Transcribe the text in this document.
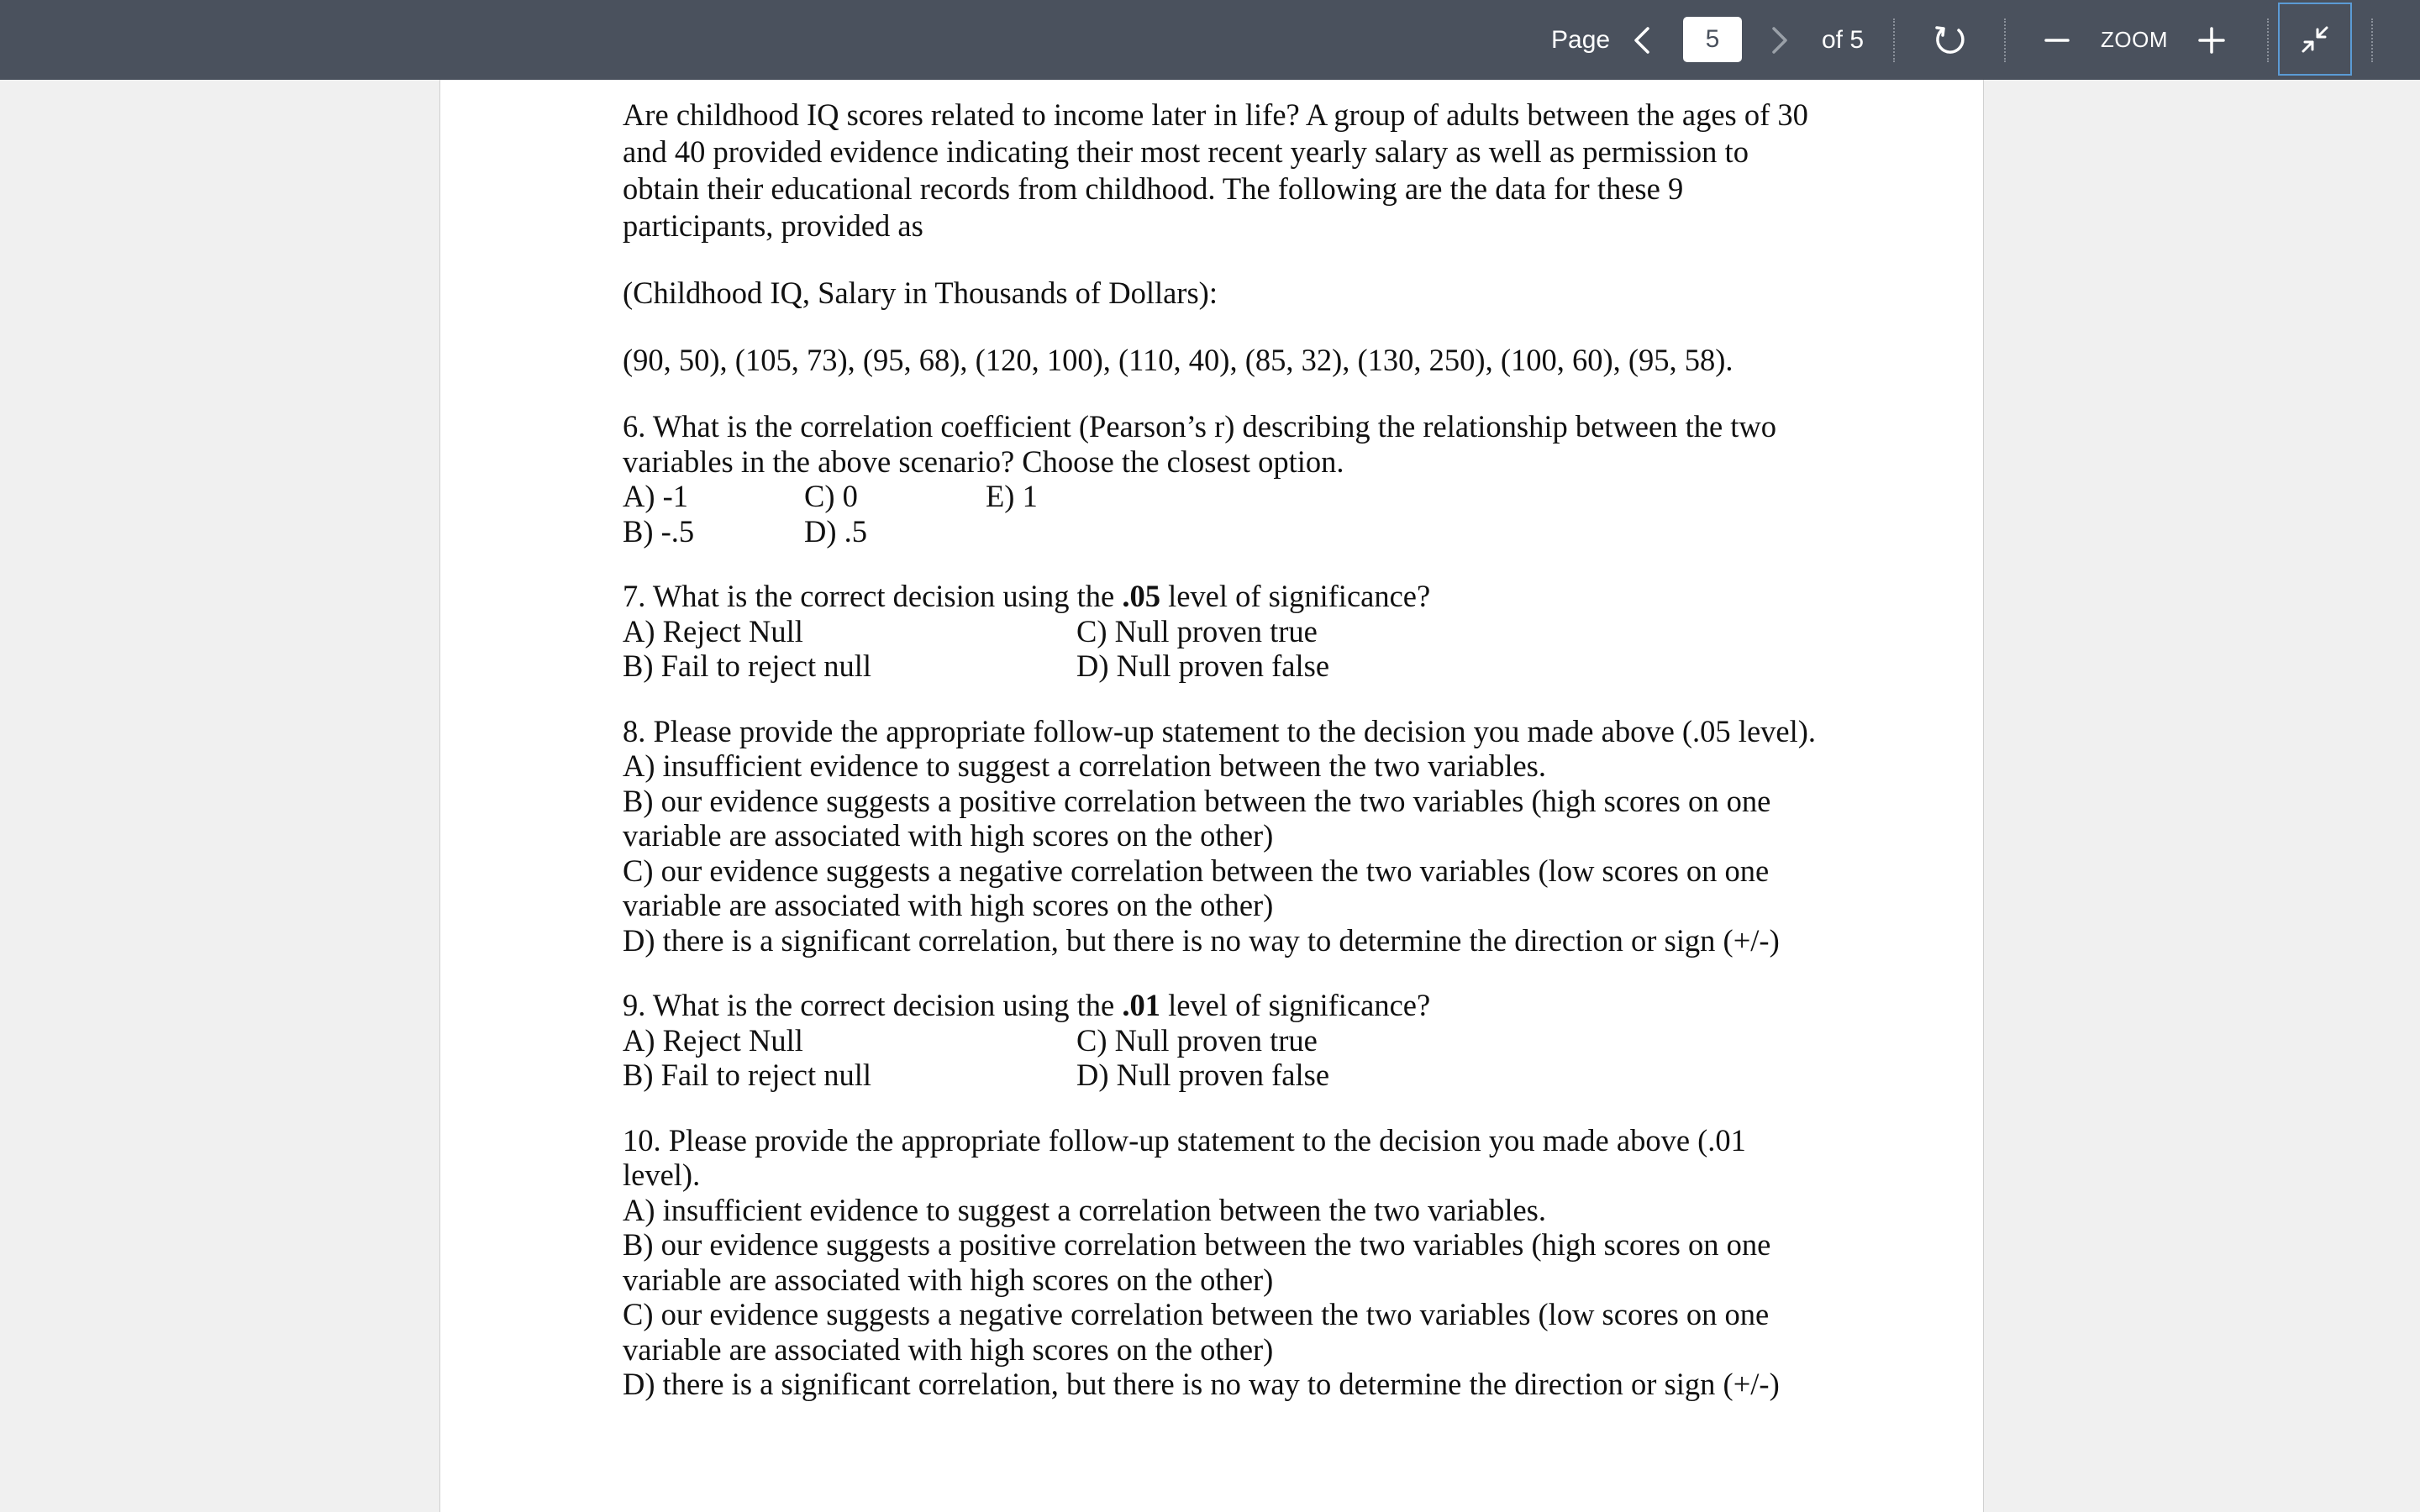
Page
5	of 5	ZOOM

Are childhood IQ scores related to income later in life? A group of adults between the ages of 30 and 40 provided evidence indicating their most recent yearly salary as well as permission to obtain their educational records from childhood. The following are the data for these 9 participants, provided as

(Childhood IQ, Salary in Thousands of Dollars):

(90, 50), (105, 73), (95, 68), (120, 100), (110, 40), (85, 32), (130, 250), (100, 60), (95, 58).

6. What is the correlation coefficient (Pearson’s r) describing the relationship between the two variables in the above scenario? Choose the closest option.
A) -1	C) 0	E) 1
B) -.5	D) .5
7. What is the correct decision using the .05 level of significance?
A) Reject Null	C) Null proven true
B) Fail to reject null	D) Null proven false
8. Please provide the appropriate follow-up statement to the decision you made above (.05 level).
A) insufficient evidence to suggest a correlation between the two variables.
B) our evidence suggests a positive correlation between the two variables (high scores on one variable are associated with high scores on the other)
C) our evidence suggests a negative correlation between the two variables (low scores on one variable are associated with high scores on the other)
D) there is a significant correlation, but there is no way to determine the direction or sign (+/-)
9. What is the correct decision using the .01 level of significance?
A) Reject Null	C) Null proven true
B) Fail to reject null	D) Null proven false
10. Please provide the appropriate follow-up statement to the decision you made above (.01 level).
A) insufficient evidence to suggest a correlation between the two variables.
B) our evidence suggests a positive correlation between the two variables (high scores on one variable are associated with high scores on the other)
C) our evidence suggests a negative correlation between the two variables (low scores on one variable are associated with high scores on the other)
D) there is a significant correlation, but there is no way to determine the direction or sign (+/-)
